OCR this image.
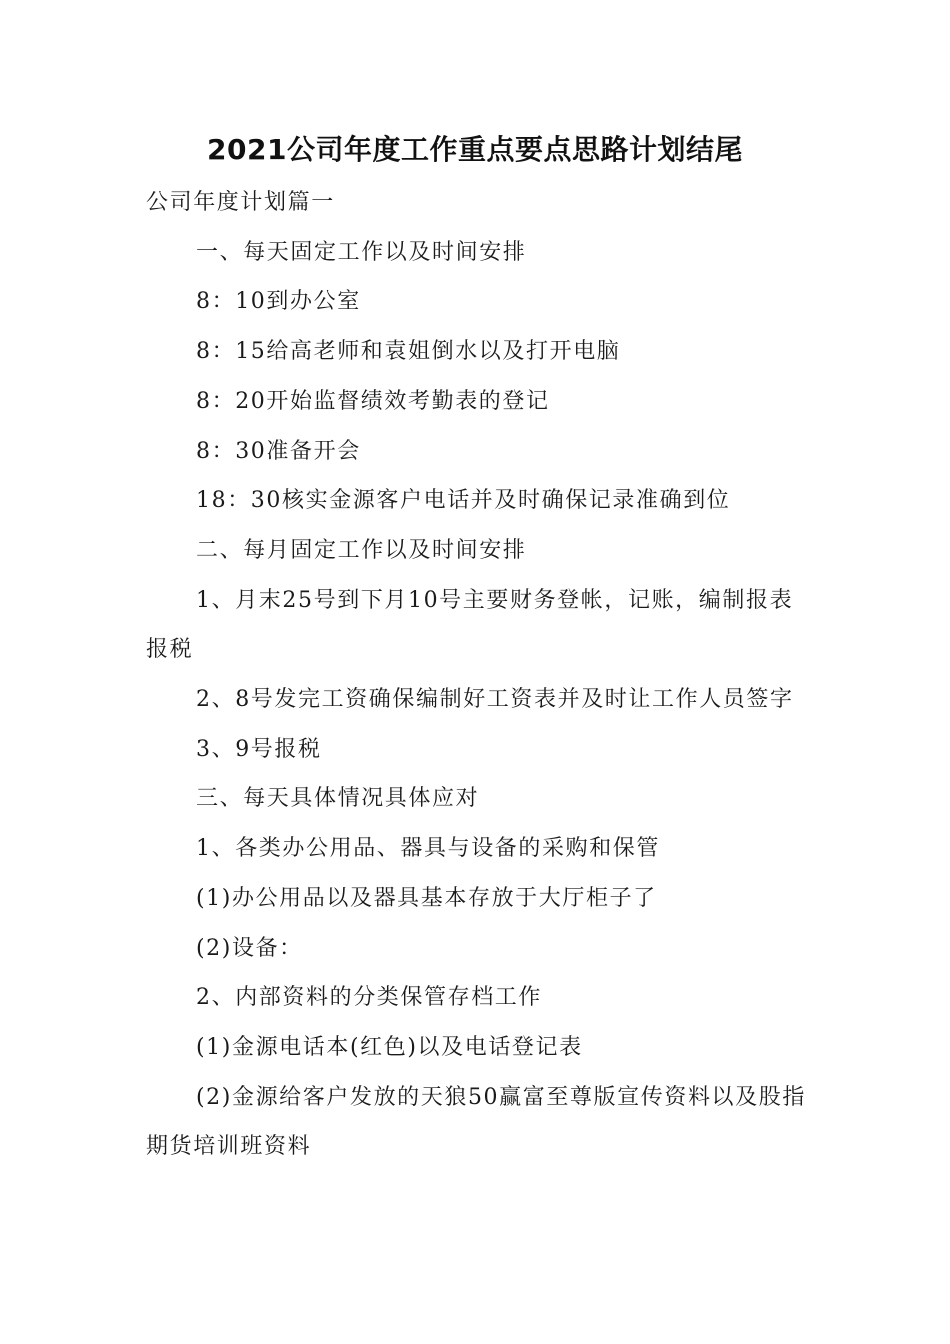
2021公司年度工作重点要点思路计划结尾

公司年度计划篇一

一、每天固定工作以及时间安排

8：10到办公室

8：15给高老师和袁姐倒水以及打开电脑

8：20开始监督绩效考勤表的登记

8：30准备开会

18：30核实金源客户电话并及时确保记录准确到位

二、每月固定工作以及时间安排

1、月末25号到下月10号主要财务登帐，记账，编制报表报税

2、8号发完工资确保编制好工资表并及时让工作人员签字

3、9号报税

三、每天具体情况具体应对

1、各类办公用品、器具与设备的采购和保管

(1)办公用品以及器具基本存放于大厅柜子了

(2)设备：

2、内部资料的分类保管存档工作

(1)金源电话本(红色)以及电话登记表

(2)金源给客户发放的天狼50赢富至尊版宣传资料以及股指期货培训班资料
